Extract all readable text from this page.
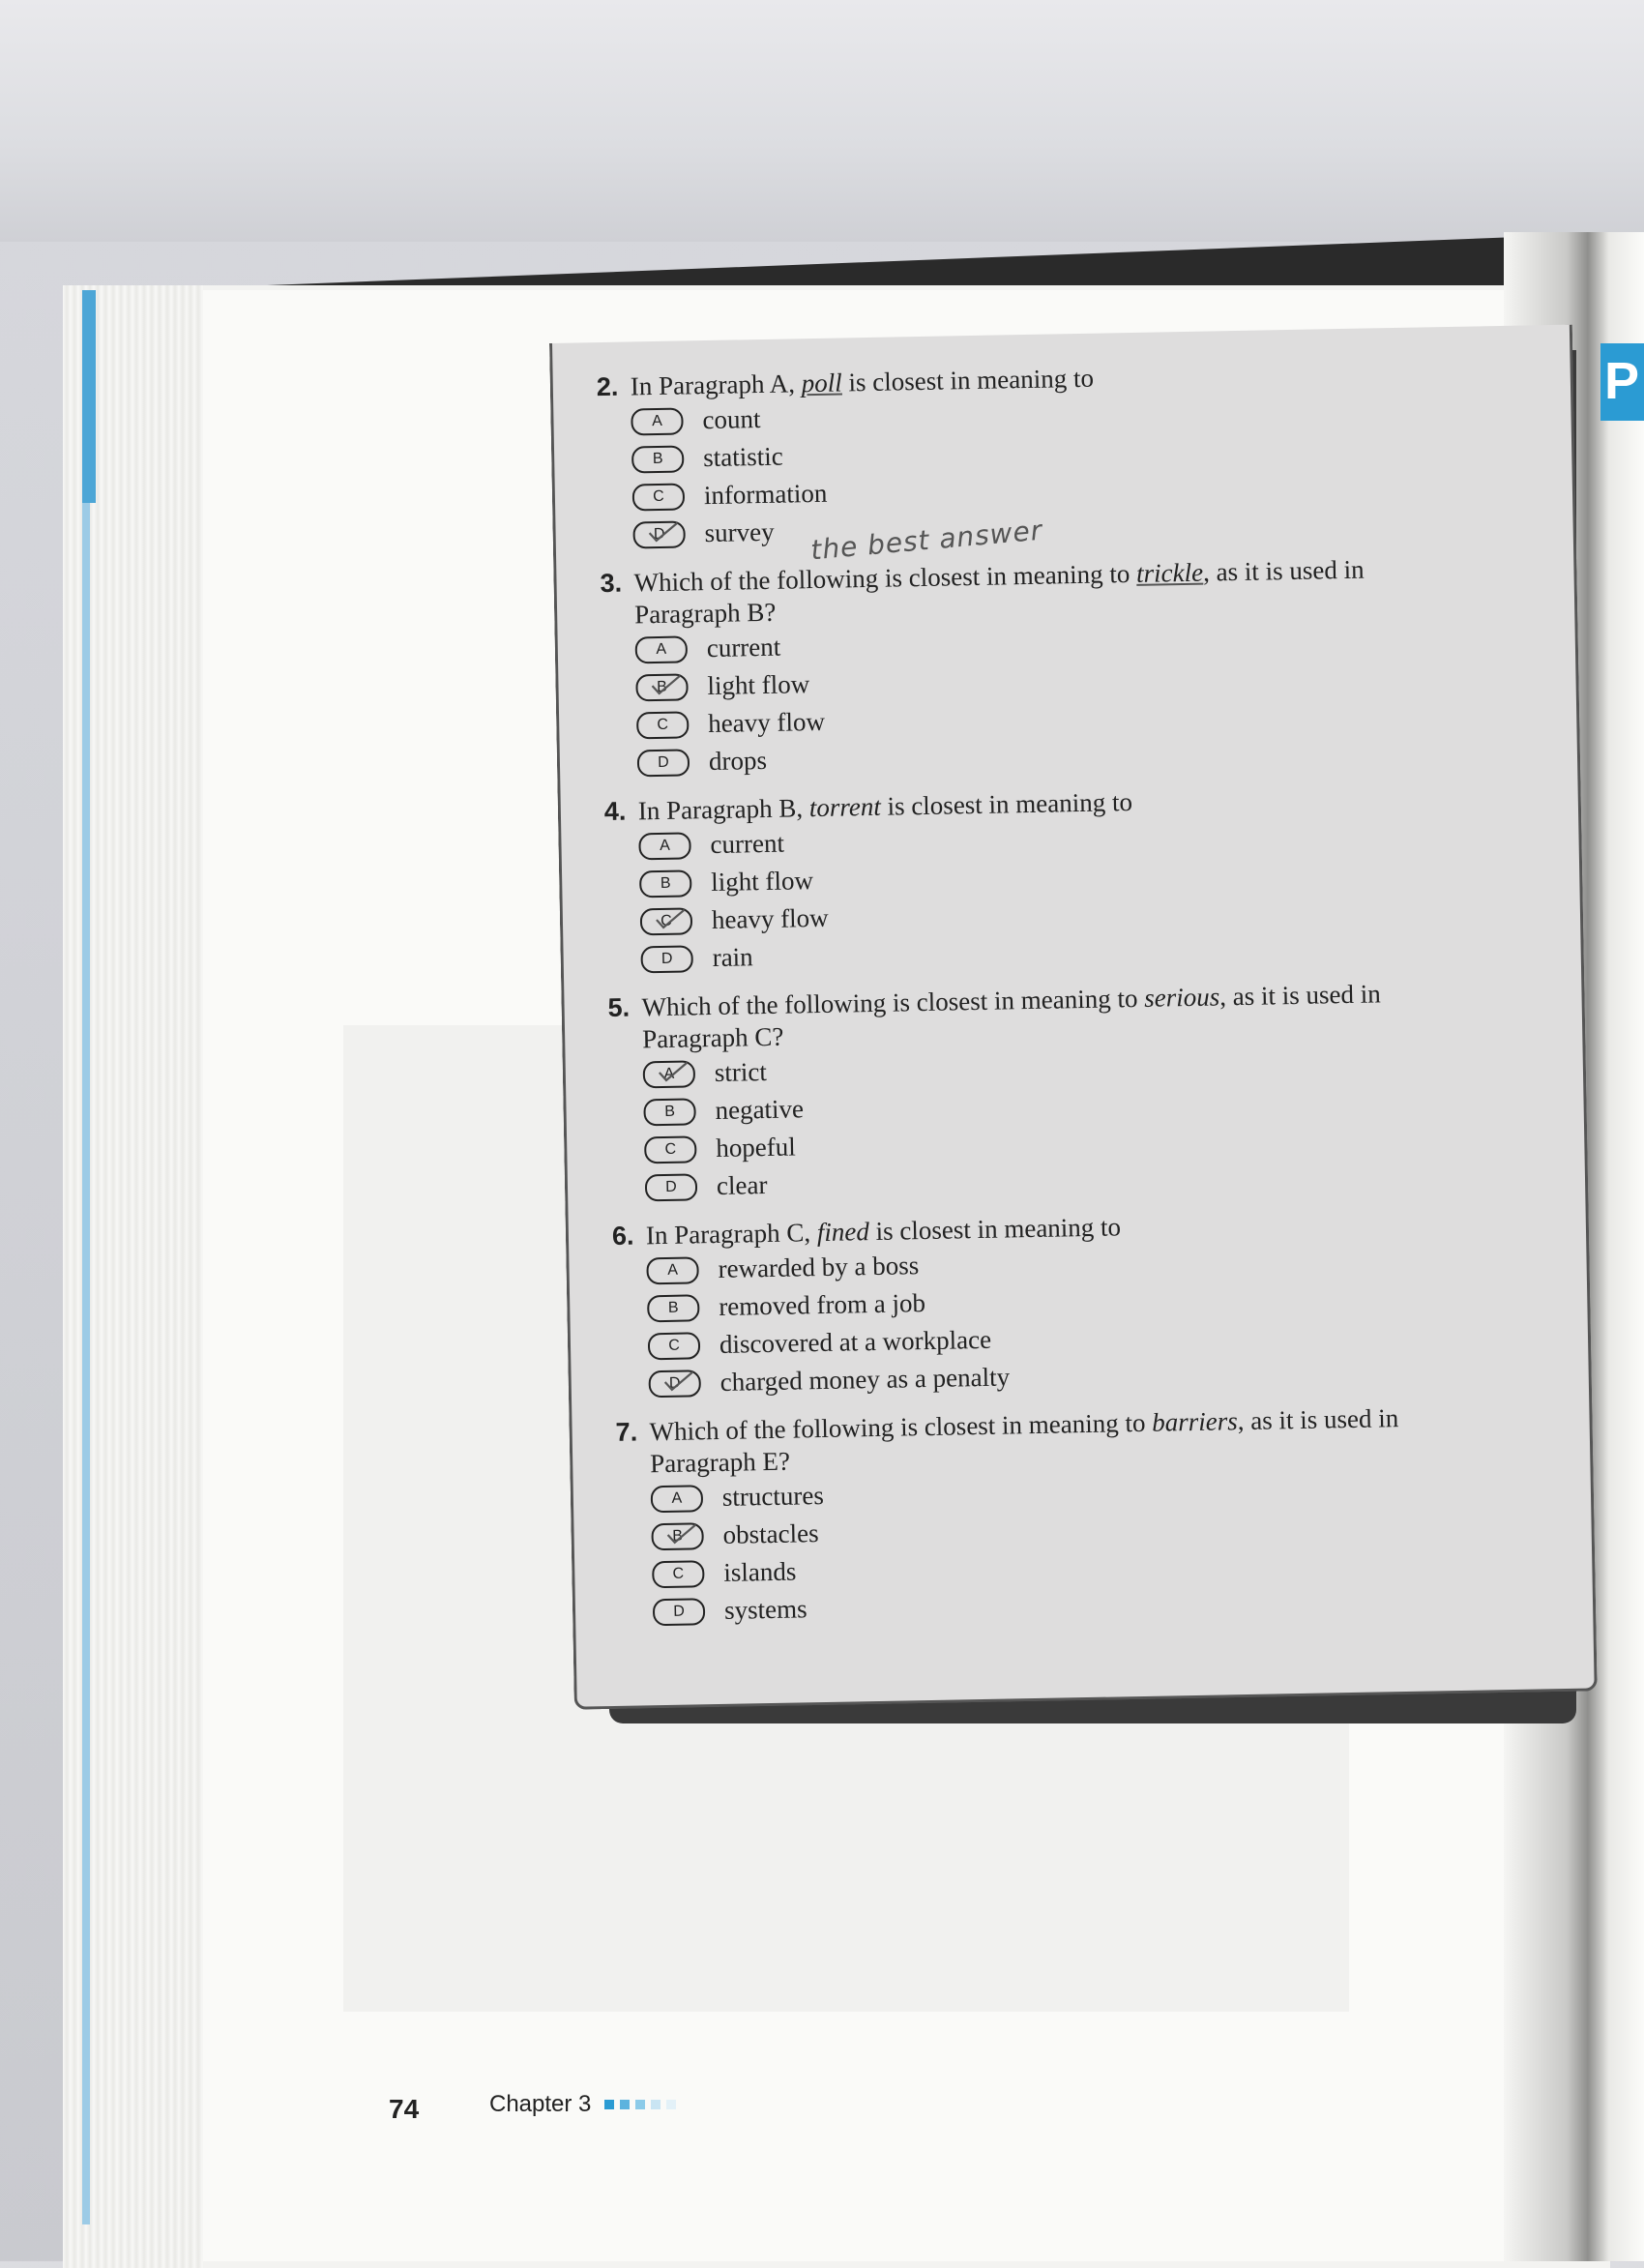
P
2. In Paragraph A, poll is closest in meaning to
A count
B statistic
C information
D survey
3. Which of the following is closest in meaning to trickle, as it is used in
Paragraph B?
A current
B light flow
C heavy flow
D drops
4. In Paragraph B, torrent is closest in meaning to
A current
B light flow
C heavy flow
D rain
5. Which of the following is closest in meaning to serious, as it is used in
Paragraph C?
A strict
B negative
C hopeful
D clear
6. In Paragraph C, fined is closest in meaning to
A rewarded by a boss
B removed from a job
C discovered at a workplace
D charged money as a penalty
7. Which of the following is closest in meaning to barriers, as it is used in
Paragraph E?
A structures
B obstacles
C islands
D systems
the best answer
74	Chapter 3
